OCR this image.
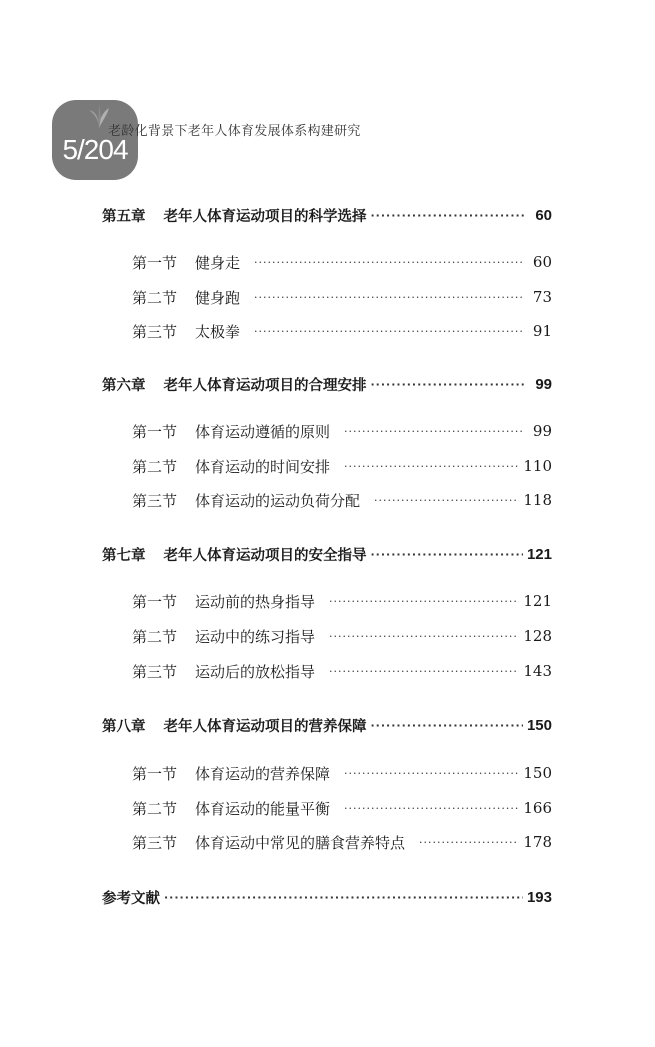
5/204
老龄化背景下老年人体育发展体系构建研究
第五章 老年人体育运动项目的科学选择 ·····	60
第一节 健身走 ·····	60
第二节 健身跑 ·····	73
第三节 太极拳 ·····	91
第六章 老年人体育运动项目的合理安排 ·····	99
第一节 体育运动遵循的原则 ·····	99
第二节 体育运动的时间安排 ·····	110
第三节 体育运动的运动负荷分配 ·····	118
第七章 老年人体育运动项目的安全指导 ·····	121
第一节 运动前的热身指导 ·····	121
第二节 运动中的练习指导 ·····	128
第三节 运动后的放松指导 ·····	143
第八章 老年人体育运动项目的营养保障 ·····	150
第一节 体育运动的营养保障 ·····	150
第二节 体育运动的能量平衡 ·····	166
第三节 体育运动中常见的膳食营养特点 ·····	178
参考文献 ·····	193
